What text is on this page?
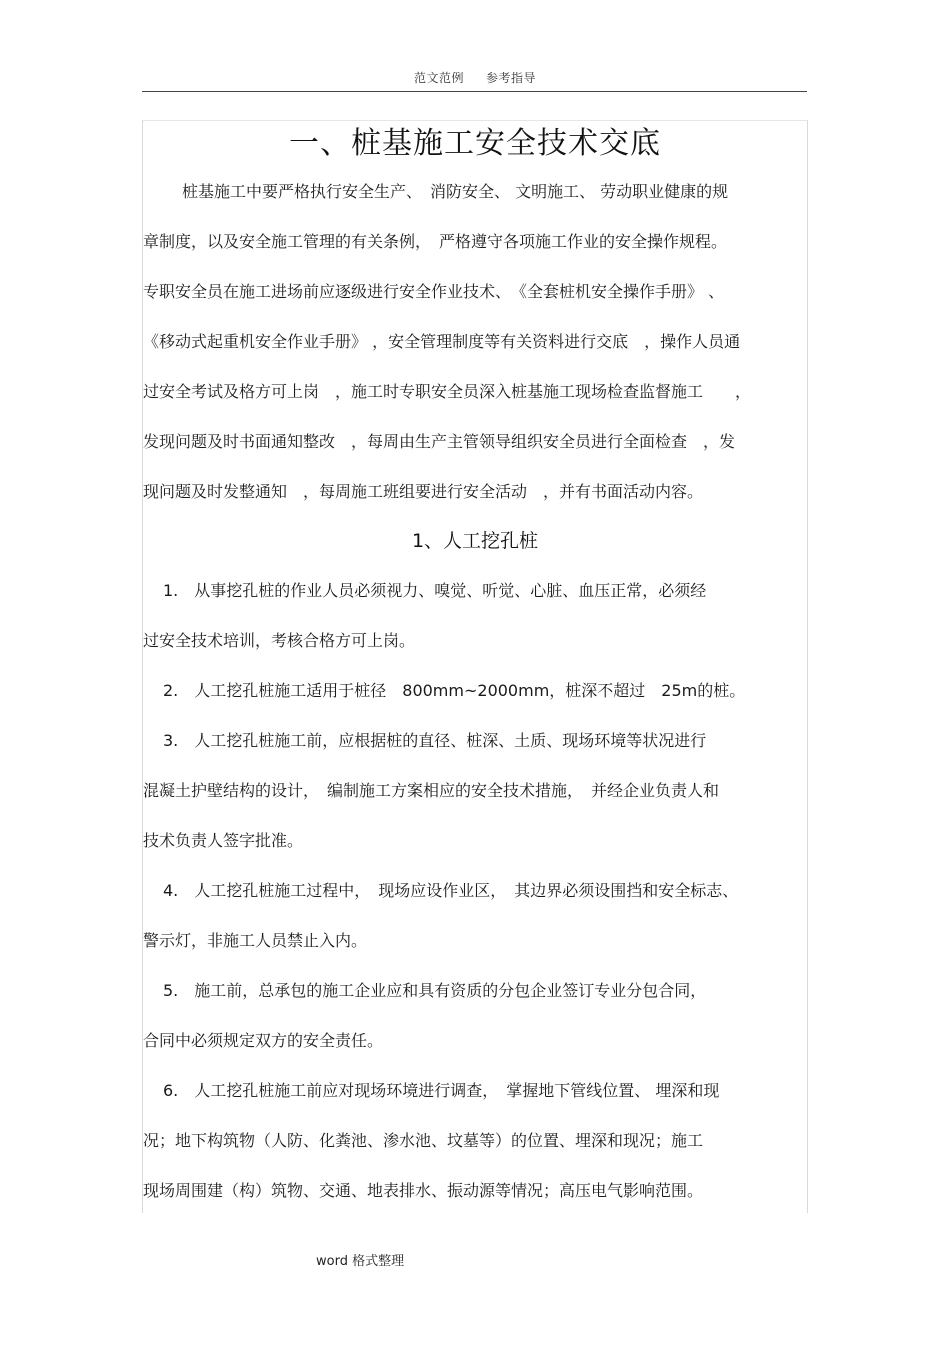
范文范例 参考指导
一、桩基施工安全技术交底
桩基施工中要严格执行安全生产、　消防安全、 文明施工、 劳动职业健康的规
章制度，以及安全施工管理的有关条例，　严格遵守各项施工作业的安全操作规程。
专职安全员在施工进场前应逐级进行安全作业技术、　《全套桩机安全操作手册》 、
《移动式起重机安全作业手册》 ，安全管理制度等有关资料进行交底　，操作人员通
过安全考试及格方可上岗　，施工时专职安全员深入桩基施工现场检查监督施工　　，
发现问题及时书面通知整改　，每周由生产主管领导组织安全员进行全面检查　，发
现问题及时发整通知　，每周施工班组要进行安全活动　，并有书面活动内容。
1、人工挖孔桩
1.　从事挖孔桩的作业人员必须视力、嗅觉、听觉、心脏、血压正常，必须经
过安全技术培训，考核合格方可上岗。
2.　人工挖孔桩施工适用于桩径　800mm~2000mm，桩深不超过　25m的桩。
3.　人工挖孔桩施工前，应根据桩的直径、桩深、土质、现场环境等状况进行
混凝土护壁结构的设计，　编制施工方案相应的安全技术措施，　并经企业负责人和
技术负责人签字批准。
4.　人工挖孔桩施工过程中，　现场应设作业区，　其边界必须设围挡和安全标志、
警示灯，非施工人员禁止入内。
5.　施工前，总承包的施工企业应和具有资质的分包企业签订专业分包合同，
合同中必须规定双方的安全责任。
6.　人工挖孔桩施工前应对现场环境进行调查，　掌握地下管线位置、 埋深和现
况；地下构筑物（人防、化粪池、渗水池、坟墓等）的位置、埋深和现况；施工
现场周围建（构）筑物、交通、地表排水、振动源等情况；高压电气影响范围。
word 格式整理
